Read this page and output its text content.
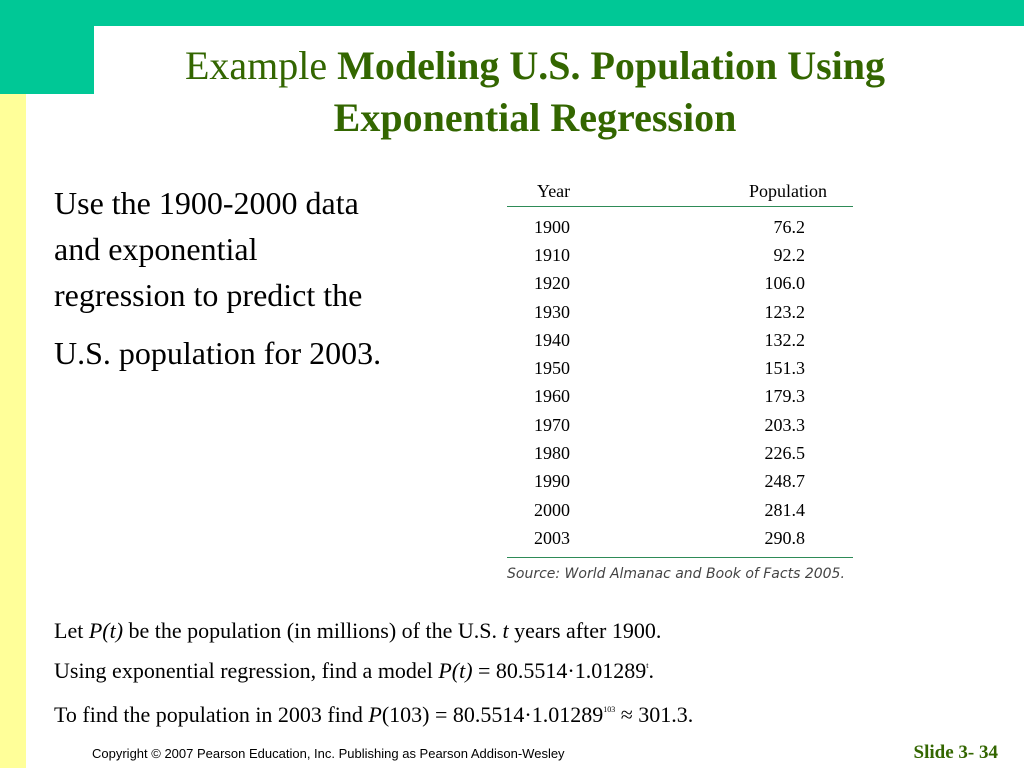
Example Modeling U.S. Population Using Exponential Regression
Use the 1900-2000 data
and exponential
regression to predict the
U.S. population for 2003.
Year	Population
1900	76.2
1910	92.2
1920	106.0
1930	123.2
1940	132.2
1950	151.3
1960	179.3
1970	203.3
1980	226.5
1990	248.7
2000	281.4
2003	290.8
Source: World Almanac and Book of Facts 2005.
Let P(t) be the population (in millions) of the U.S. t years after 1900.
Using exponential regression, find a model $P(t) = 80.5514\cdot 1.01289^t$.
To find the population in 2003 find $P(103) = 80.5514\cdot 1.01289^{103} \approx 301.3$.
Copyright © 2007 Pearson Education, Inc. Publishing as Pearson Addison-Wesley	Slide 3- 34
